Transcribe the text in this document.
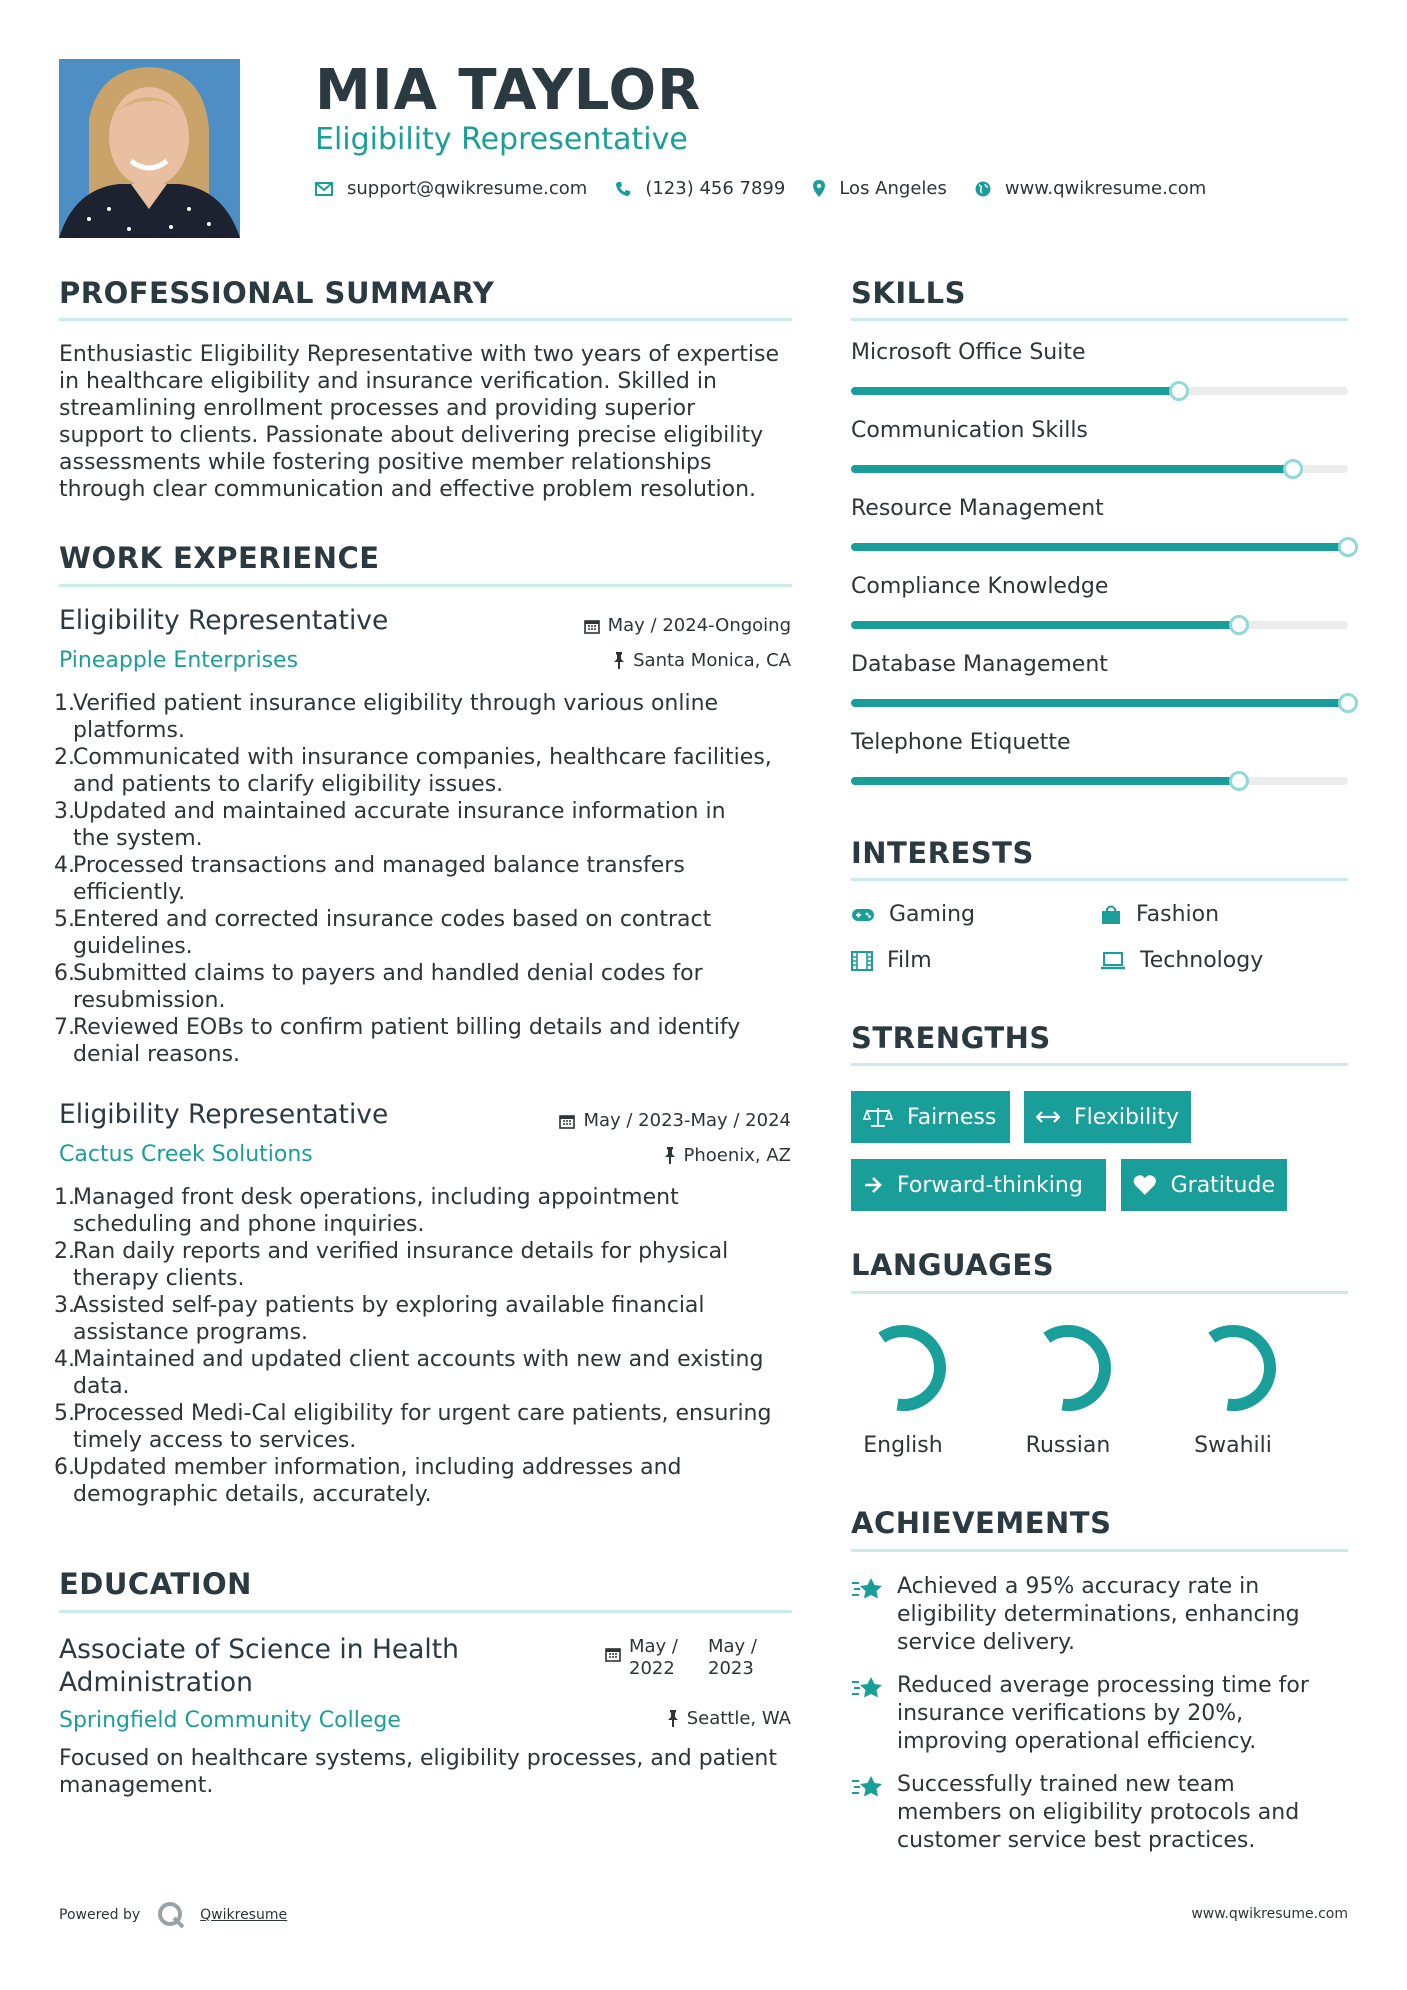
MIA TAYLOR
Eligibility Representative
support@qwikresume.com	(123) 456 7899	Los Angeles	www.qwikresume.com
PROFESSIONAL SUMMARY
Enthusiastic Eligibility Representative with two years of expertise
in healthcare eligibility and insurance verification. Skilled in
streamlining enrollment processes and providing superior
support to clients. Passionate about delivering precise eligibility
assessments while fostering positive member relationships
through clear communication and effective problem resolution.
WORK EXPERIENCE
Eligibility Representative	May / 2024-Ongoing
Pineapple Enterprises	Santa Monica, CA
1.
Verified patient insurance eligibility through various online
platforms.
2.
Communicated with insurance companies, healthcare facilities,
and patients to clarify eligibility issues.
3.
Updated and maintained accurate insurance information in
the system.
4.
Processed transactions and managed balance transfers
efficiently.
5.
Entered and corrected insurance codes based on contract
guidelines.
6.
Submitted claims to payers and handled denial codes for
resubmission.
7.
Reviewed EOBs to confirm patient billing details and identify
denial reasons.
Eligibility Representative	May / 2023-May / 2024
Cactus Creek Solutions	Phoenix, AZ
1.
Managed front desk operations, including appointment
scheduling and phone inquiries.
2.
Ran daily reports and verified insurance details for physical
therapy clients.
3.
Assisted self-pay patients by exploring available financial
assistance programs.
4.
Maintained and updated client accounts with new and existing
data.
5.
Processed Medi-Cal eligibility for urgent care patients, ensuring
timely access to services.
6.
Updated member information, including addresses and
demographic details, accurately.
EDUCATION
Associate of Science in Health
Administration
May /
2022
May /
2023
Springfield Community College	Seattle, WA
Focused on healthcare systems, eligibility processes, and patient
management.
SKILLS
Microsoft Office Suite
Communication Skills
Resource Management
Compliance Knowledge
Database Management
Telephone Etiquette
INTERESTS
Gaming	Fashion
Film	Technology
STRENGTHS
Fairness	Flexibility
Forward-thinking	Gratitude
LANGUAGES
English	Russian	Swahili
ACHIEVEMENTS
Achieved a 95% accuracy rate in
eligibility determinations, enhancing
service delivery.
Reduced average processing time for
insurance verifications by 20%,
improving operational efficiency.
Successfully trained new team
members on eligibility protocols and
customer service best practices.
Powered by	Qwikresume	www.qwikresume.com
